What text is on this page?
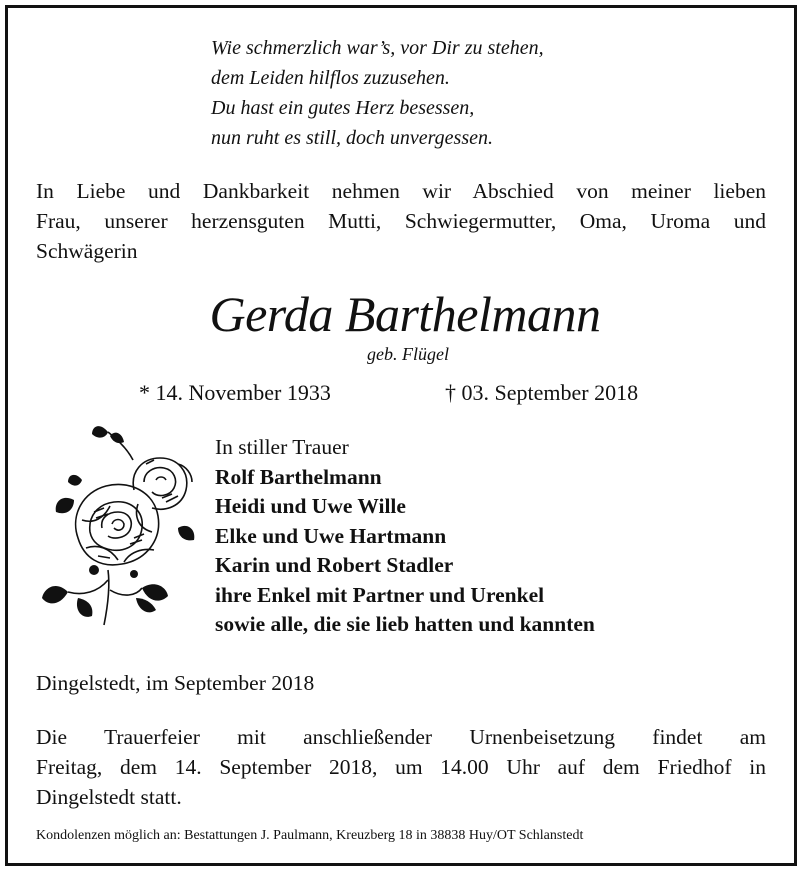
Wie schmerzlich war’s, vor Dir zu stehen,
dem Leiden hilflos zuzusehen.
Du hast ein gutes Herz besessen,
nun ruht es still, doch unvergessen.
In Liebe und Dankbarkeit nehmen wir Abschied von meiner lieben
Frau, unserer herzensguten Mutti, Schwiegermutter, Oma, Uroma und
Schwägerin
Gerda Barthelmann
geb. Flügel
* 14. November 1933	† 03. September 2018
In stiller Trauer
Rolf Barthelmann
Heidi und Uwe Wille
Elke und Uwe Hartmann
Karin und Robert Stadler
ihre Enkel mit Partner und Urenkel
sowie alle, die sie lieb hatten und kannten
Dingelstedt, im September 2018
Die Trauerfeier mit anschließender Urnenbeisetzung findet am
Freitag, dem 14. September 2018, um 14.00 Uhr auf dem Friedhof in
Dingelstedt statt.
Kondolenzen möglich an: Bestattungen J. Paulmann, Kreuzberg 18 in 38838 Huy/OT Schlanstedt
